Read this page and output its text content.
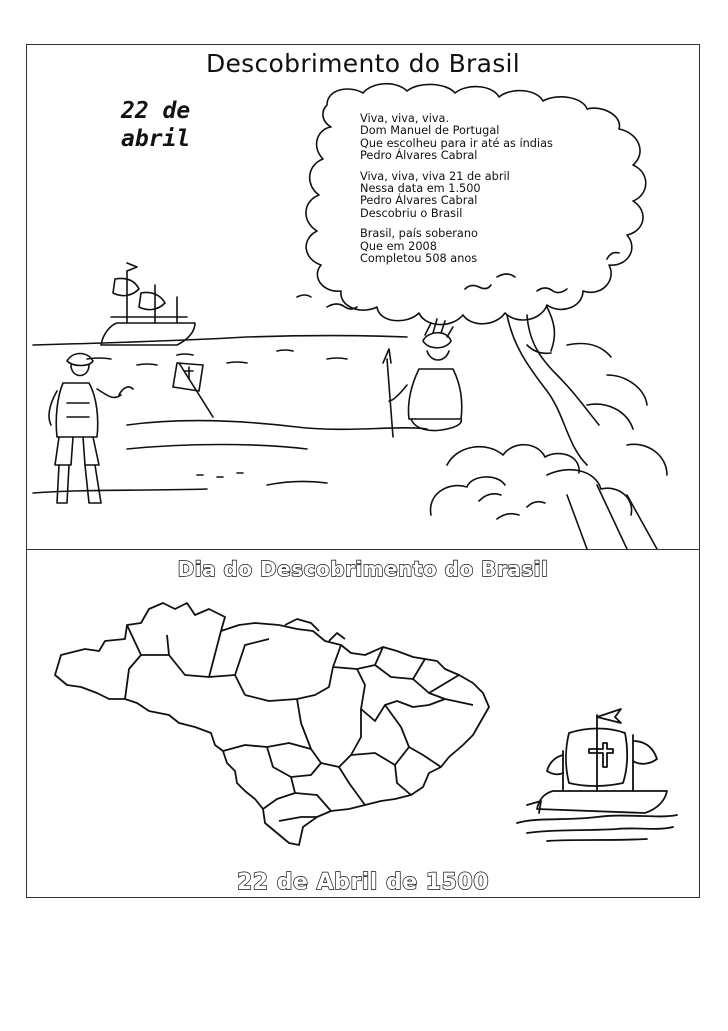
Descobrimento do Brasil
22 de
abril
Viva, viva, viva.
Dom Manuel de Portugal
Que escolheu para ir até as índias
Pedro Álvares Cabral
Viva, viva, viva 21 de abril
Nessa data em 1.500
Pedro Álvares Cabral
Descobriu o Brasil
Brasil, país soberano
Que em 2008
Completou 508 anos
Dia do Descobrimento do Brasil
22 de Abril de 1500
